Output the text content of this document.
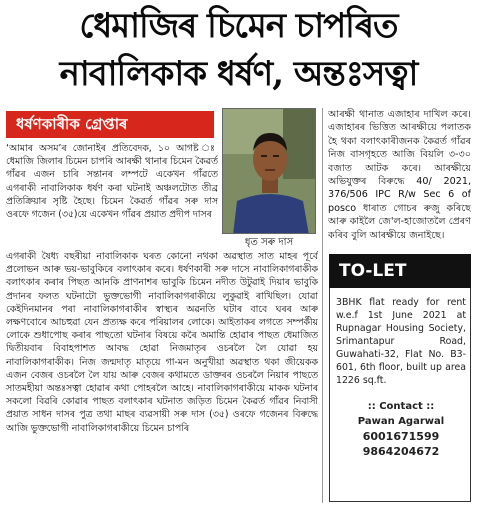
ধেমাজিৰ চিমেন চাপৰিত
নাবালিকাক ধৰ্ষণ, অন্তঃসত্বা
ধৰ্ষণকাৰীক গ্ৰেপ্তাৰ
ধৃত সৰু দাস
‘আমাৰ অসম’ৰ জোনাইৰ প্ৰতিবেদক, ১০ আগষ্ট ঃ ধেমাজি জিলাৰ চিমেন চাপৰি আৰক্ষী থানাৰ চিমেন কৈৱৰ্ত গাঁৱৰ এজন চাৰি সন্তানৰ লম্পটে একেখন গাঁৱতে এগৰাকী নাবালিকাক ধৰ্ষণ কৰা ঘটনাই অঞ্চলটোত তীব্ৰ প্ৰতিক্ৰিয়াৰ সৃষ্টি হৈছে। চিমেন কৈৱৰ্ত গাঁৱৰ সৰু দাস ওৰফে গজেন (৩৫)য়ে একেখন গাঁৱৰ প্ৰয়াত প্ৰদীপ দাসৰ
এগৰাকী ষৈধ্য বছৰীয়া নাবালিকাক ঘৰত কোনো নথকা অৱস্থাত সাত মাহৰ পূৰ্বে প্ৰলোভন আৰু ভয়-ভাবুকিৰে বলাৎকাৰ কৰে। ধৰ্ষণকাৰী সৰু দাসে নাবালিকাগৰাকীক বলাৎকাৰ কৰাৰ পিছত আনকি প্ৰাণনাশৰ ভাবুকি চিমেন নদীত উটুৱাই দিয়াৰ ভাবুকি প্ৰদানৰ ফলত ঘটনাটো ভুক্তভোগী নাবালিকাগৰাকীয়ে লুকুৱাই ৰাখিছিল। যোৱা কেইদিনমানৰ পৰা নাবালিকাগৰাকীৰ স্বাস্থ্যৰ অৱনতি ঘটাৰ বাবে ঘৰৰ আৰু লক্ষণবোৰে আচহুৱা যেন প্ৰত্যক্ষ কৰে পৰিয়ালৰ লোকে। আইতাকৰ লগতে সম্পৰ্কীয় লোকে শুধাপোছ কৰাৰ পাছতো ঘটনাৰ বিষয়ে কৰৈ অমান্তি হোৱাৰ পাছত ধেমাজিত দ্বিতীয়বাৰ বিবাহপাশত আবদ্ধ হোৱা নিজমাতৃৰ ওচৰলৈ লৈ যোৱা হয় নাবালিকাগৰাকীক। নিজ জন্মদাতৃ মাতৃয়ে গা-মন অনুখীয়া অৱস্থাত থকা জীয়েকক এজন বেজৰ ওচৰলৈ লৈ যায় আৰু বেজৰ কথামতে ডাক্তৰৰ ওচৰলৈ নিয়াৰ পাছতে সাতমহীয়া অন্তঃসত্বা হোৱাৰ কথা পোহৰলৈ আহে। নাবালিকাগৰাকীয়ে মাকক ঘটনাৰ সকলো বিৱৰি কোৱাৰ পাছত বলাৎকাৰ ঘটনাত জড়িত চিমেন কৈৱৰ্ত গাঁৱৰ নিবাসী প্ৰয়াত সাধন দাসৰ পুত্ৰ তথা মাছৰ ব্যৱসায়ী সৰু দাস (৩৫) ওৰফে গজেনৰ বিৰুদ্ধে আজি ভুক্তভোগী নাবালিকাগৰাকীয়ে চিমেন চাপৰি
আৰক্ষী থানাত এজাহাৰ দাখিল কৰে। এজাহাৰৰ ভিত্তিত আৰক্ষীয়ে পলাতক হৈ থকা বলাৎকাৰীজনক কৈৱৰ্ত গাঁৱৰ নিজ বাসগৃহতে আজি বিয়লি ৩-৩০ বজাত আটক কৰে। আৰক্ষীয়ে অভিযুক্তৰ বিৰুদ্ধে 40/ 2021, 376/506 IPC R/w Sec 6 of posco ধাৰাত গোচৰ ৰুজু কৰিছে আৰু কাইলৈ জে'ল-হাজোতলৈ প্ৰেৰণ কৰিব বুলি আৰক্ষীয়ে জনাইছে।
TO-LET
3BHK flat ready for rent w.e.f 1st June 2021 at Rupnagar Housing Society, Srimantapur Road, Guwahati-32, Flat No. B3-601, 6th floor, built up area 1226 sq.ft.
:: Contact ::
Pawan Agarwal
6001671599
9864204672
